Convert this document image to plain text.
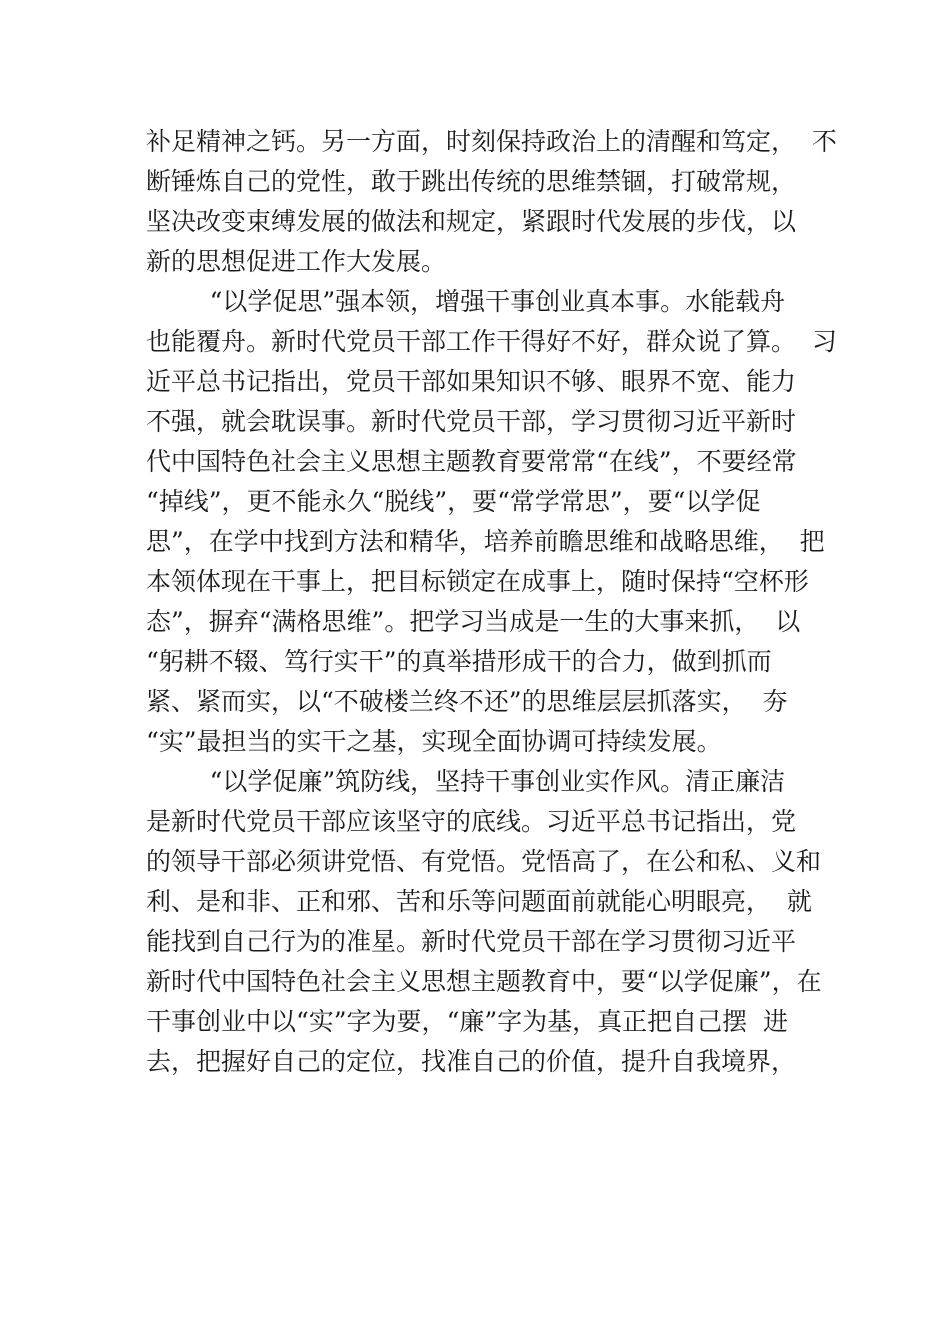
补足精神之钙。另一方面，时刻保持政治上的清醒和笃定，  不
断锤炼自己的党性，敢于跳出传统的思维禁锢，打破常规，
坚决改变束缚发展的做法和规定，紧跟时代发展的步伐，以
新的思想促进工作大发展。
“以学促思”强本领，增强干事创业真本事。水能载舟
也能覆舟。新时代党员干部工作干得好不好，群众说了算。  习
近平总书记指出，党员干部如果知识不够、眼界不宽、能力
不强，就会耽误事。新时代党员干部，学习贯彻习近平新时
代中国特色社会主义思想主题教育要常常“在线”，不要经常
“掉线”，更不能永久“脱线”，要“常学常思”，要“以学促
思”，在学中找到方法和精华，培养前瞻思维和战略思维，  把
本领体现在干事上，把目标锁定在成事上，随时保持“空杯形
态”，摒弃“满格思维”。把学习当成是一生的大事来抓，  以
“躬耕不辍、笃行实干”的真举措形成干的合力，做到抓而
紧、紧而实，以“不破楼兰终不还”的思维层层抓落实，  夯
“实”最担当的实干之基，实现全面协调可持续发展。
“以学促廉”筑防线，坚持干事创业实作风。清正廉洁
是新时代党员干部应该坚守的底线。习近平总书记指出，党
的领导干部必须讲党悟、有党悟。党悟高了，在公和私、义和
利、是和非、正和邪、苦和乐等问题面前就能心明眼亮，  就
能找到自己行为的准星。新时代党员干部在学习贯彻习近平
新时代中国特色社会主义思想主题教育中，要“以学促廉”，在
干事创业中以“实”字为要，“廉”字为基，真正把自己摆  进
去，把握好自己的定位，找准自己的价值，提升自我境界，
